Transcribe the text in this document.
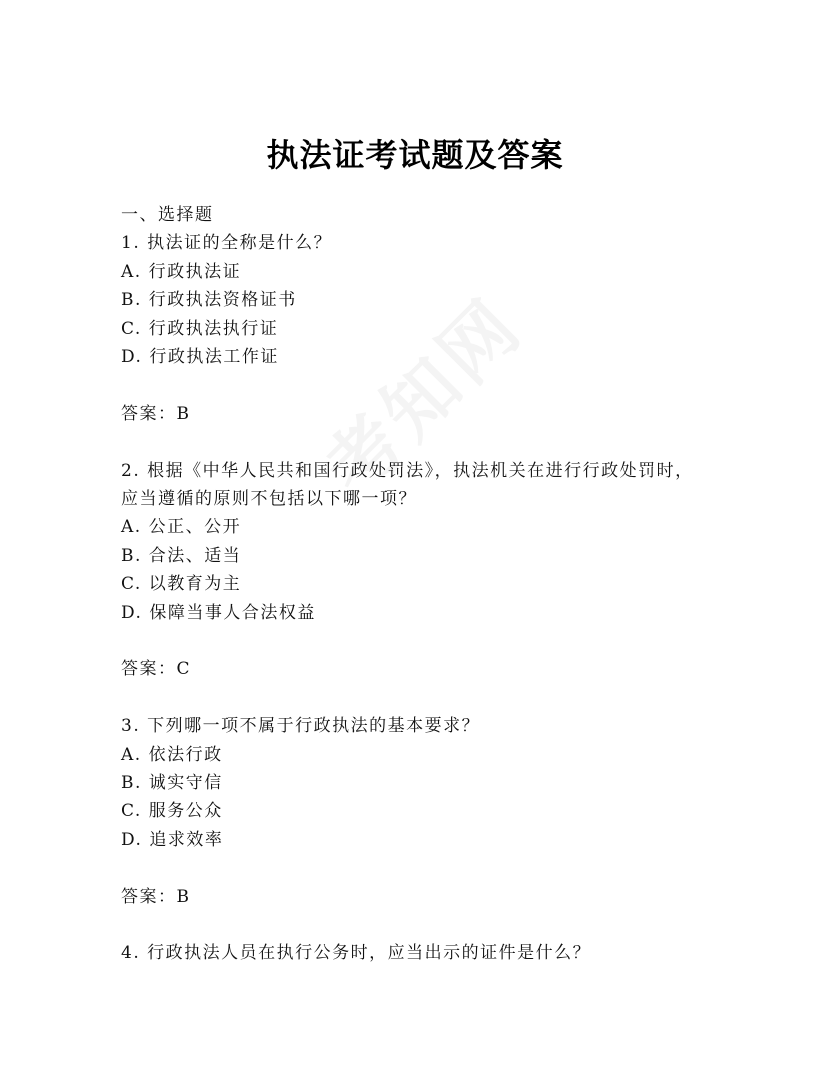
执法证考试题及答案

一、选择题

1. 执法证的全称是什么？

A. 行政执法证

B. 行政执法资格证书

C. 行政执法执行证

D. 行政执法工作证

答案：B

2. 根据《中华人民共和国行政处罚法》，执法机关在进行行政处罚时，

应当遵循的原则不包括以下哪一项？

A. 公正、公开

B. 合法、适当

C. 以教育为主

D. 保障当事人合法权益

答案：C

3. 下列哪一项不属于行政执法的基本要求？

A. 依法行政

B. 诚实守信

C. 服务公众

D. 追求效率

答案：B

4. 行政执法人员在执行公务时，应当出示的证件是什么？
